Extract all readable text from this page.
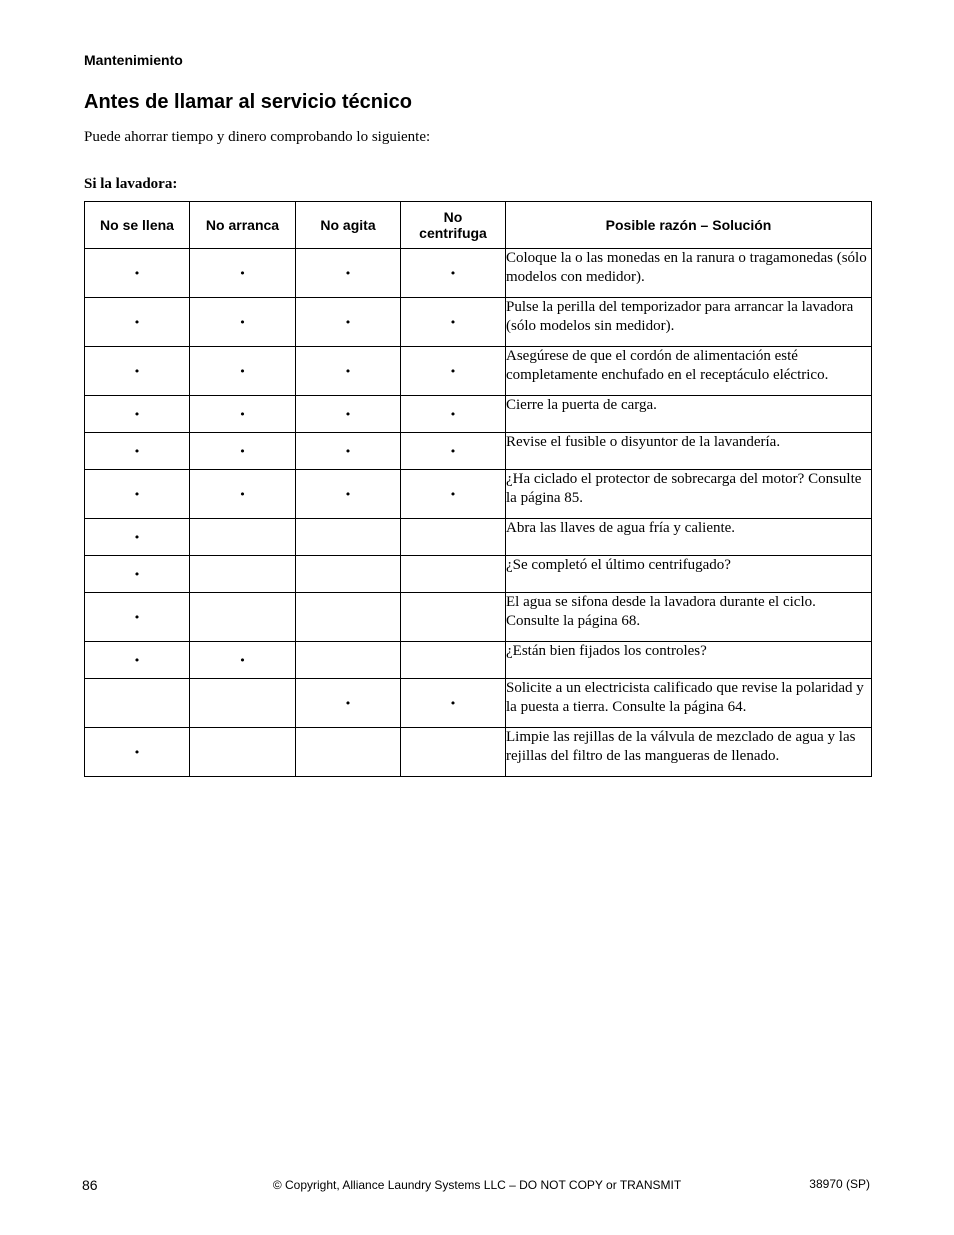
Mantenimiento
Antes de llamar al servicio técnico

Puede ahorrar tiempo y dinero comprobando lo siguiente:

Si la lavadora:
No se llena	No arranca	No agita	No centrifuga	Posible razón – Solución
•	•	•	•	Coloque la o las monedas en la ranura o tragamonedas (sólo modelos con medidor).
•	•	•	•	Pulse la perilla del temporizador para arrancar la lavadora (sólo modelos sin medidor).
•	•	•	•	Asegúrese de que el cordón de alimentación esté completamente enchufado en el receptáculo eléctrico.
•	•	•	•	Cierre la puerta de carga.
•	•	•	•	Revise el fusible o disyuntor de la lavandería.
•	•	•	•	¿Ha ciclado el protector de sobrecarga del motor? Consulte la página 85.
•				Abra las llaves de agua fría y caliente.
•				¿Se completó el último centrifugado?
•				El agua se sifona desde la lavadora durante el ciclo. Consulte la página 68.
•	•			¿Están bien fijados los controles?
		•	•	Solicite a un electricista calificado que revise la polaridad y la puesta a tierra. Consulte la página 64.
•				Limpie las rejillas de la válvula de mezclado de agua y las rejillas del filtro de las mangueras de llenado.
86	© Copyright, Alliance Laundry Systems LLC – DO NOT COPY or TRANSMIT	38970 (SP)
